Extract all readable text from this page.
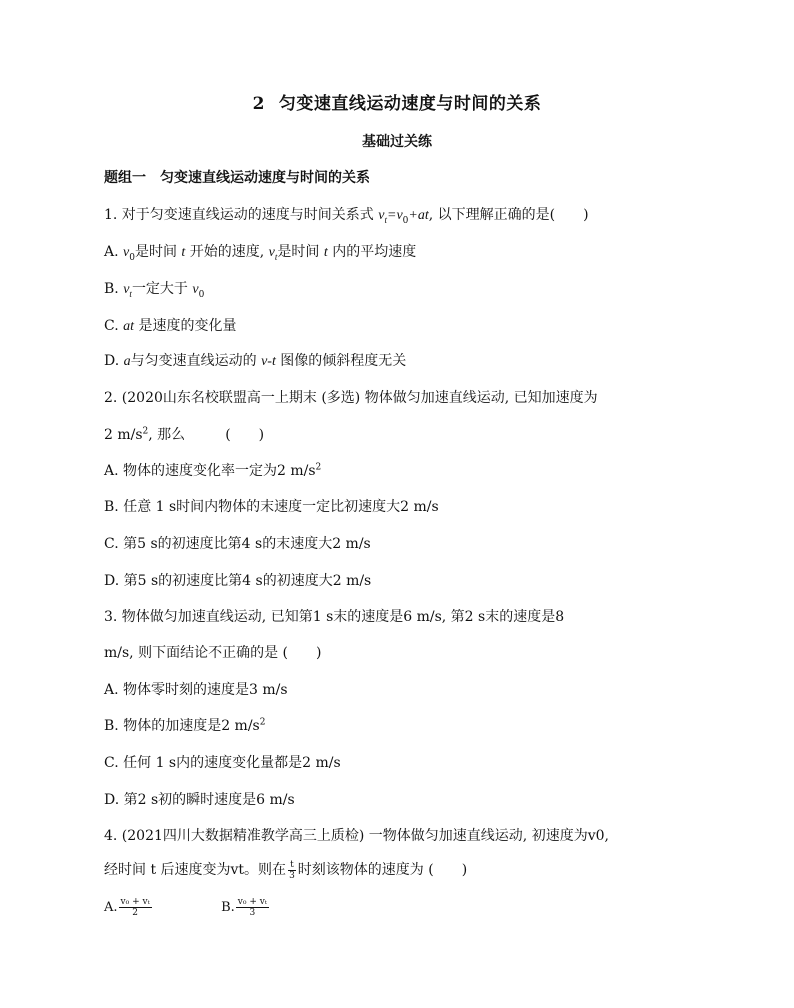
2 匀变速直线运动速度与时间的关系
基础过关练
题组一 匀变速直线运动速度与时间的关系
1. 对于匀变速直线运动的速度与时间关系式 $v_t=v_0+at$, 以下理解正确的是( )
A. $v_0$是时间 t 开始的速度, $v_t$是时间 t 内的平均速度
B. $v_t$一定大于 $v_0$
C. at 是速度的变化量
D. a与匀变速直线运动的 v-t 图像的倾斜程度无关
2. (2020山东名校联盟高一上期末 (多选) 物体做匀加速直线运动, 已知加速度为
2 $m/s^2$, 那么	( )
A. 物体的速度变化率一定为2 $m/s^2$
B. 任意 1 s时间内物体的末速度一定比初速度大2 m/s
C. 第5 s的初速度比第4 s的末速度大2 m/s
D. 第5 s的初速度比第4 s的初速度大2 m/s
3. 物体做匀加速直线运动, 已知第1 s末的速度是6 m/s, 第2 s末的速度是8
m/s, 则下面结论不正确的是 ( )
A. 物体零时刻的速度是3 m/s
B. 物体的加速度是2 $m/s^2$
C. 任何 1 s内的速度变化量都是2 m/s
D. 第2 s初的瞬时速度是6 m/s
4. (2021四川大数据精准教学高三上质检) 一物体做匀加速直线运动, 初速度为v0,
经时间 t 后速度变为vt。则在 $\frac{t}{3}$ 时刻该物体的速度为 ( )
A. $\frac{\text{v₀ + vₜ}}{2}$	B. $\frac{\text{v₀ + vₜ}}{3}$
